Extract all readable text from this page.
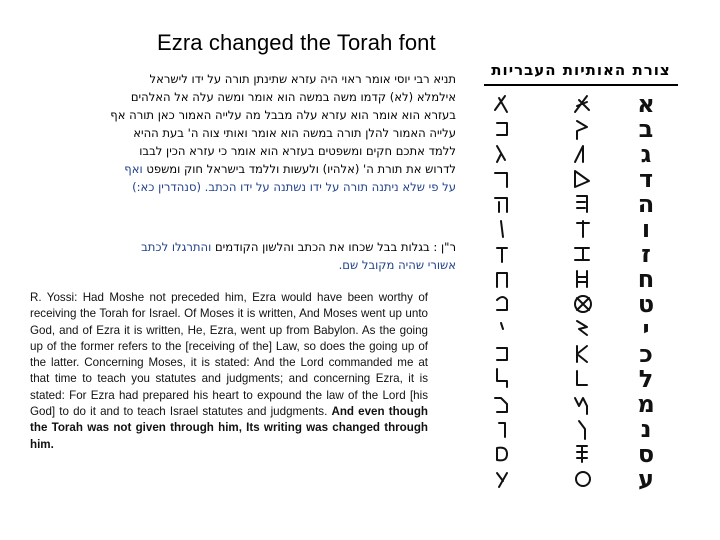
Ezra changed the Torah font
תניא רבי יוסי אומר ראוי היה עזרא שתינתן תורה על ידו לישראל
אילמלא (לא) קדמו משה במשה הוא אומר ומשה עלה אל האלהים
בעזרא הוא אומר הוא עזרא עלה מבבל מה עלייה האמור כאן תורה אף
עלייה האמור להלן תורה במשה הוא אומר ואותי צוה ה' בעת ההיא
ללמד אתכם חקים ומשפטים בעזרא הוא אומר כי עזרא הכין לבבו
לדרוש את תורת ה' (אלהיו) ולעשות וללמד בישראל חוק ומשפט ואף
על פי שלא ניתנה תורה על ידו נשתנה על ידו הכתב. (סנהדרין כא:)
ר"ן : בגלות בבל שכחו את הכתב והלשון הקודמים והתרגלו לכתב
אשורי שהיה מקובל שם.
R. Yossi: Had Moshe not preceded him, Ezra would have been worthy of receiving the Torah for Israel. Of Moses it is written, And Moses went up unto God, and of Ezra it is written, He, Ezra, went up from Babylon. As the going up of the former refers to the [receiving of the] Law, so does the going up of the latter. Concerning Moses, it is stated: And the Lord commanded me at that time to teach you statutes and judgments; and concerning Ezra, it is stated: For Ezra had prepared his heart to expound the law of the Lord [his God] to do it and to teach Israel statutes and judgments. And even though the Torah was not given through him, Its writing was changed through him.
צורת האותיות העבריות
א
ב
ג
ד
ה
ו
ז
ח
ט
י
כ
ל
מ
נ
ס
ע
